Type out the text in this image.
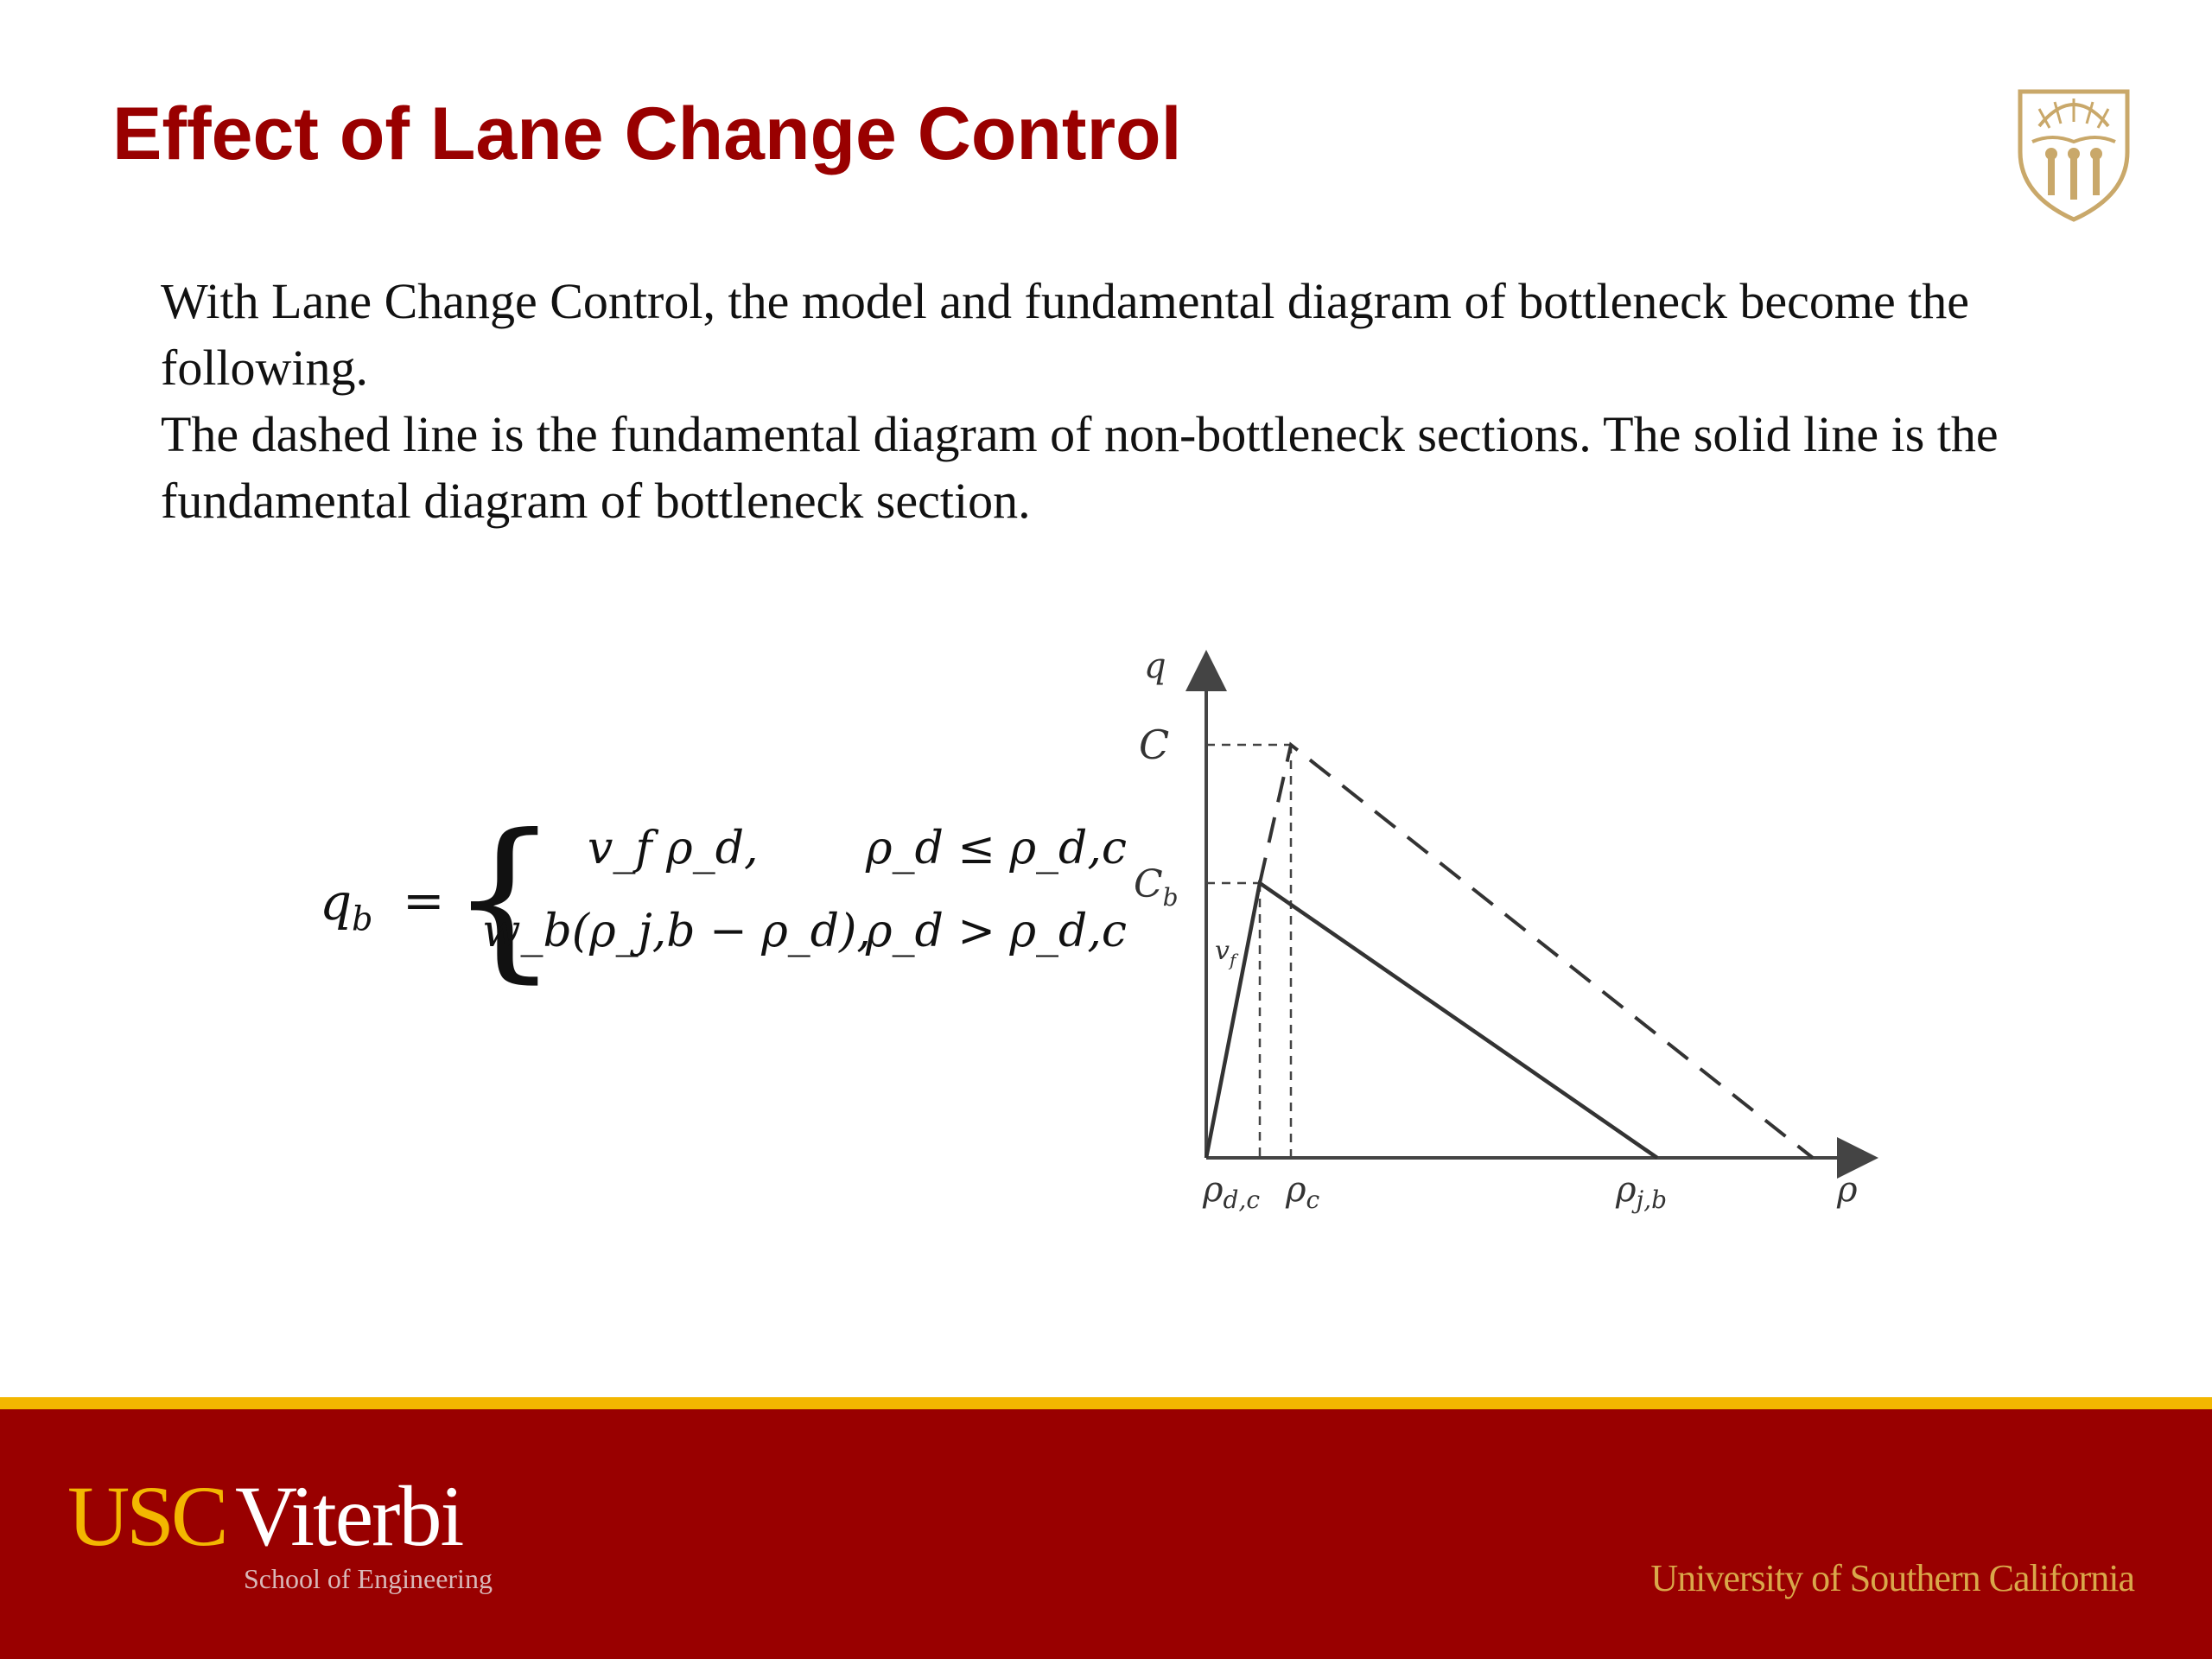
Effect of Lane Change Control

With Lane Change Control, the model and fundamental diagram of bottleneck become the following.

The dashed line is the fundamental diagram of non-bottleneck sections. The solid line is the fundamental diagram of bottleneck section.

$q_b$ = { v_f ρ_d, ρ_d ≤ ρ_d,c
w_b(ρ_j,b − ρ_d),
ρ_d > ρ_d,c
q
C
$C_b$
$v_f$
$\rho_{d,c}$ $\rho_c$	$\rho_{j,b}$	ρ
USC Viterbi
School of Engineering	University of Southern California
